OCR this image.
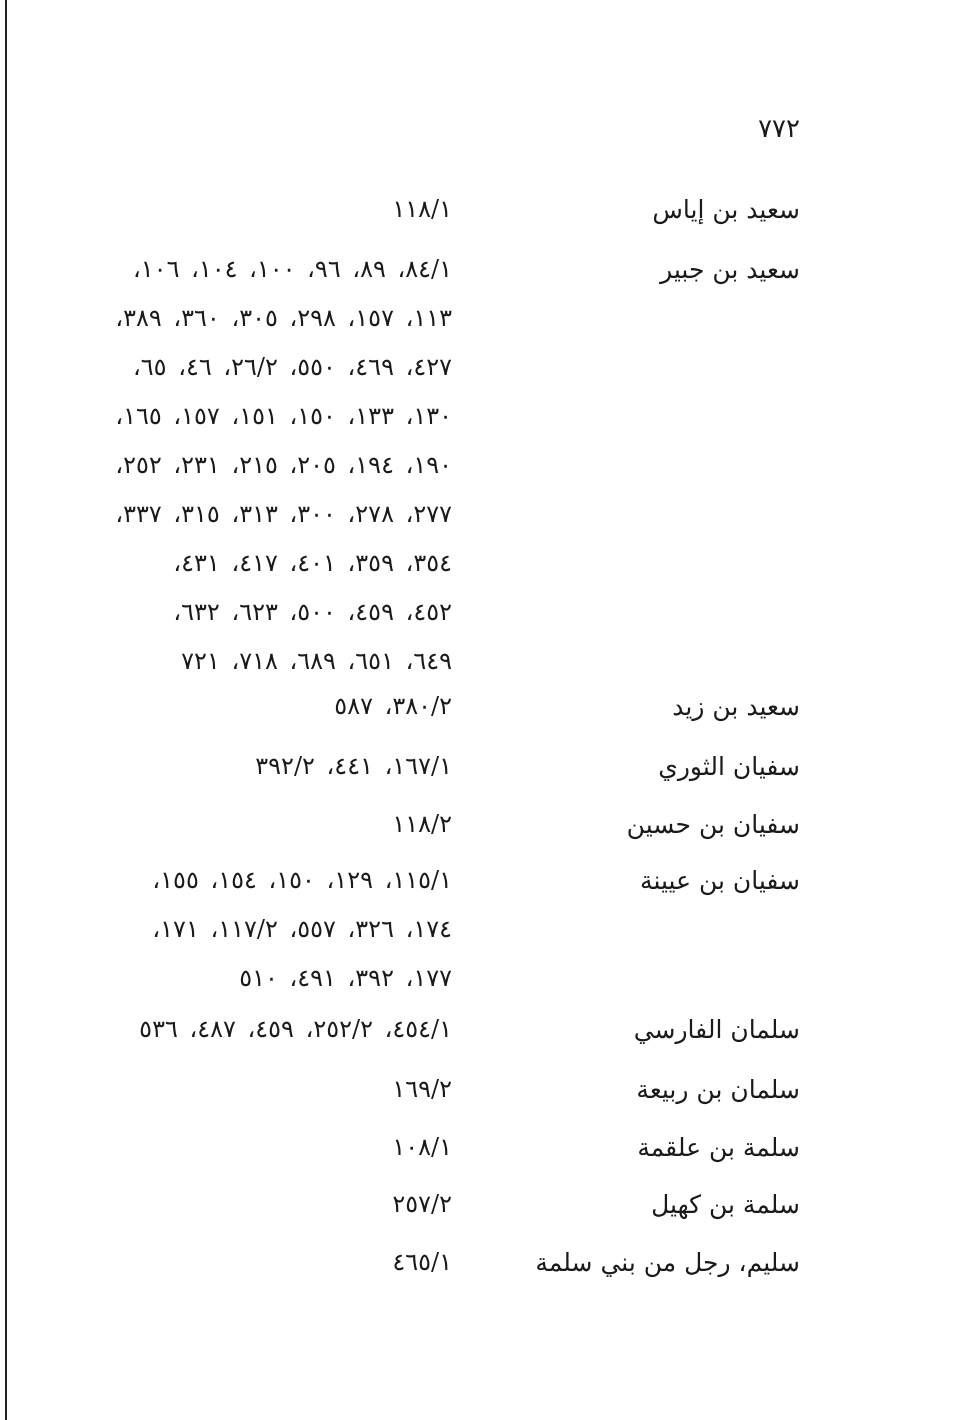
٧٧٢
سعيد بن إياس
١١٨/١
سعيد بن جبير
٨٤/١، ٨٩، ٩٦، ١٠٠، ١٠٤، ١٠٦،
١١٣، ١٥٧، ٢٩٨، ٣٠٥، ٣٦٠، ٣٨٩،
٤٢٧، ٤٦٩، ٥٥٠، ٢٦/٢، ٤٦، ٦٥،
١٣٠، ١٣٣، ١٥٠، ١٥١، ١٥٧، ١٦٥،
١٩٠، ١٩٤، ٢٠٥، ٢١٥، ٢٣١، ٢٥٢،
٢٧٧، ٢٧٨، ٣٠٠، ٣١٣، ٣١٥، ٣٣٧،
٣٥٤، ٣٥٩، ٤٠١، ٤١٧، ٤٣١،
٤٥٢، ٤٥٩، ٥٠٠، ٦٢٣، ٦٣٢،
٦٤٩، ٦٥١، ٦٨٩، ٧١٨، ٧٢١
سعيد بن زيد
٣٨٠/٢، ٥٨٧
سفيان الثوري
١٦٧/١، ٤٤١، ٣٩٢/٢
سفيان بن حسين
١١٨/٢
سفيان بن عيينة
١١٥/١، ١٢٩، ١٥٠، ١٥٤، ١٥٥،
١٧٤، ٣٢٦، ٥٥٧، ١١٧/٢، ١٧١،
١٧٧، ٣٩٢، ٤٩١، ٥١٠
سلمان الفارسي
٤٥٤/١، ٢٥٢/٢، ٤٥٩، ٤٨٧، ٥٣٦
سلمان بن ربيعة
١٦٩/٢
سلمة بن علقمة
١٠٨/١
سلمة بن كهيل
٢٥٧/٢
سليم، رجل من بني سلمة
٤٦٥/١
